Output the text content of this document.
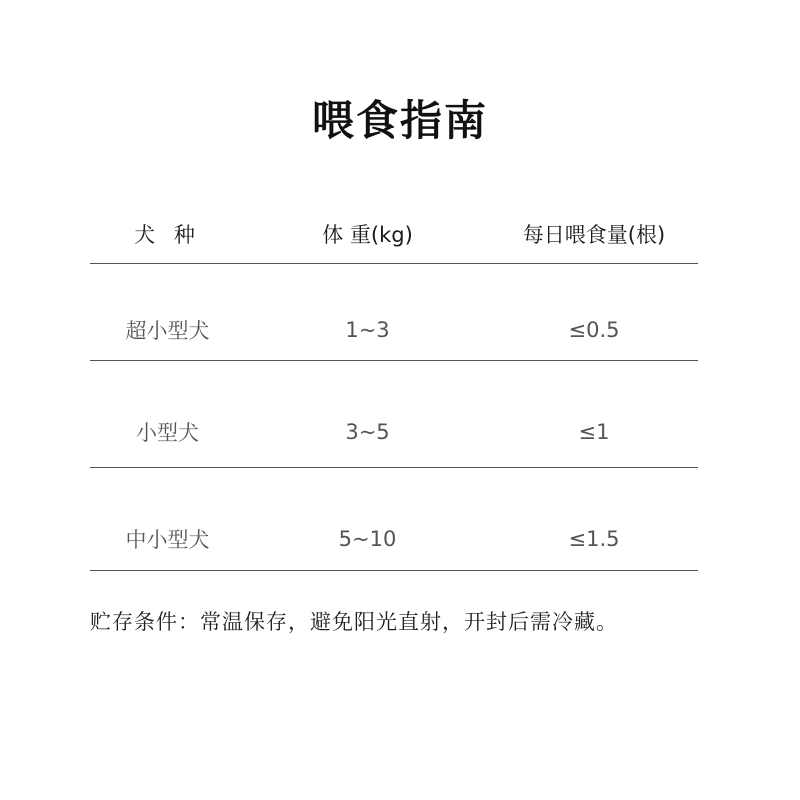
喂食指南
犬 种	体 重(kg)	每日喂食量(根)
超小型犬	1~3	≤0.5
小型犬	3~5	≤1
中小型犬	5~10	≤1.5
贮存条件：常温保存，避免阳光直射，开封后需冷藏。
